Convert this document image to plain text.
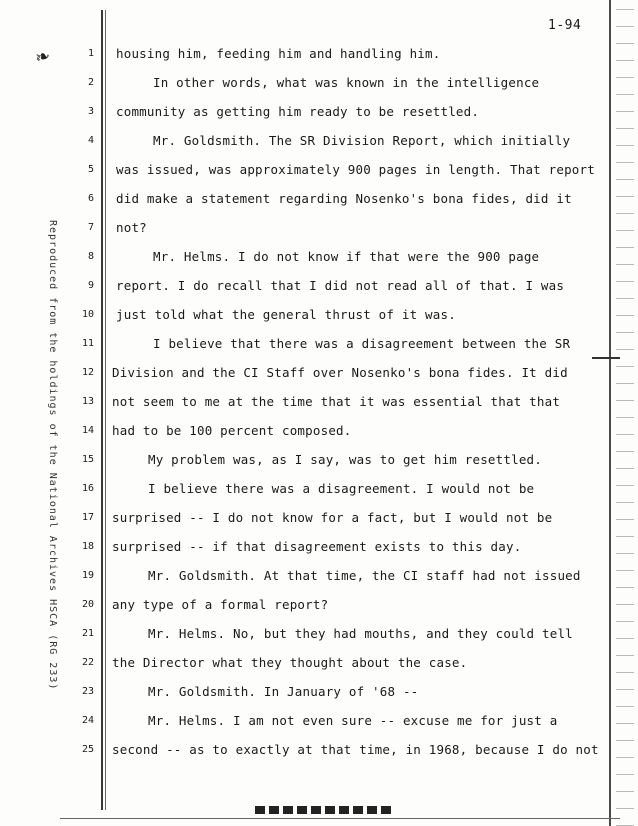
❧
1-94
Reproduced from the holdings of the National Archives HSCA (RG 233)
1 housing him, feeding him and handling him.
2	In other words, what was known in the intelligence
3 community as getting him ready to be resettled.
4	Mr. Goldsmith. The SR Division Report, which initially
5 was issued, was approximately 900 pages in length. That report
6 did make a statement regarding Nosenko's bona fides, did it
7 not?
8	Mr. Helms. I do not know if that were the 900 page
9 report. I do recall that I did not read all of that. I was
10 just told what the general thrust of it was.
11	I believe that there was a disagreement between the SR
12 Division and the CI Staff over Nosenko's bona fides. It did
13 not seem to me at the time that it was essential that that
14 had to be 100 percent composed.
15	My problem was, as I say, was to get him resettled.
16	I believe there was a disagreement. I would not be
17 surprised -- I do not know for a fact, but I would not be
18 surprised -- if that disagreement exists to this day.
19	Mr. Goldsmith. At that time, the CI staff had not issued
20 any type of a formal report?
21	Mr. Helms. No, but they had mouths, and they could tell
22 the Director what they thought about the case.
23	Mr. Goldsmith. In January of '68 --
24	Mr. Helms. I am not even sure -- excuse me for just a
25 second -- as to exactly at that time, in 1968, because I do not
